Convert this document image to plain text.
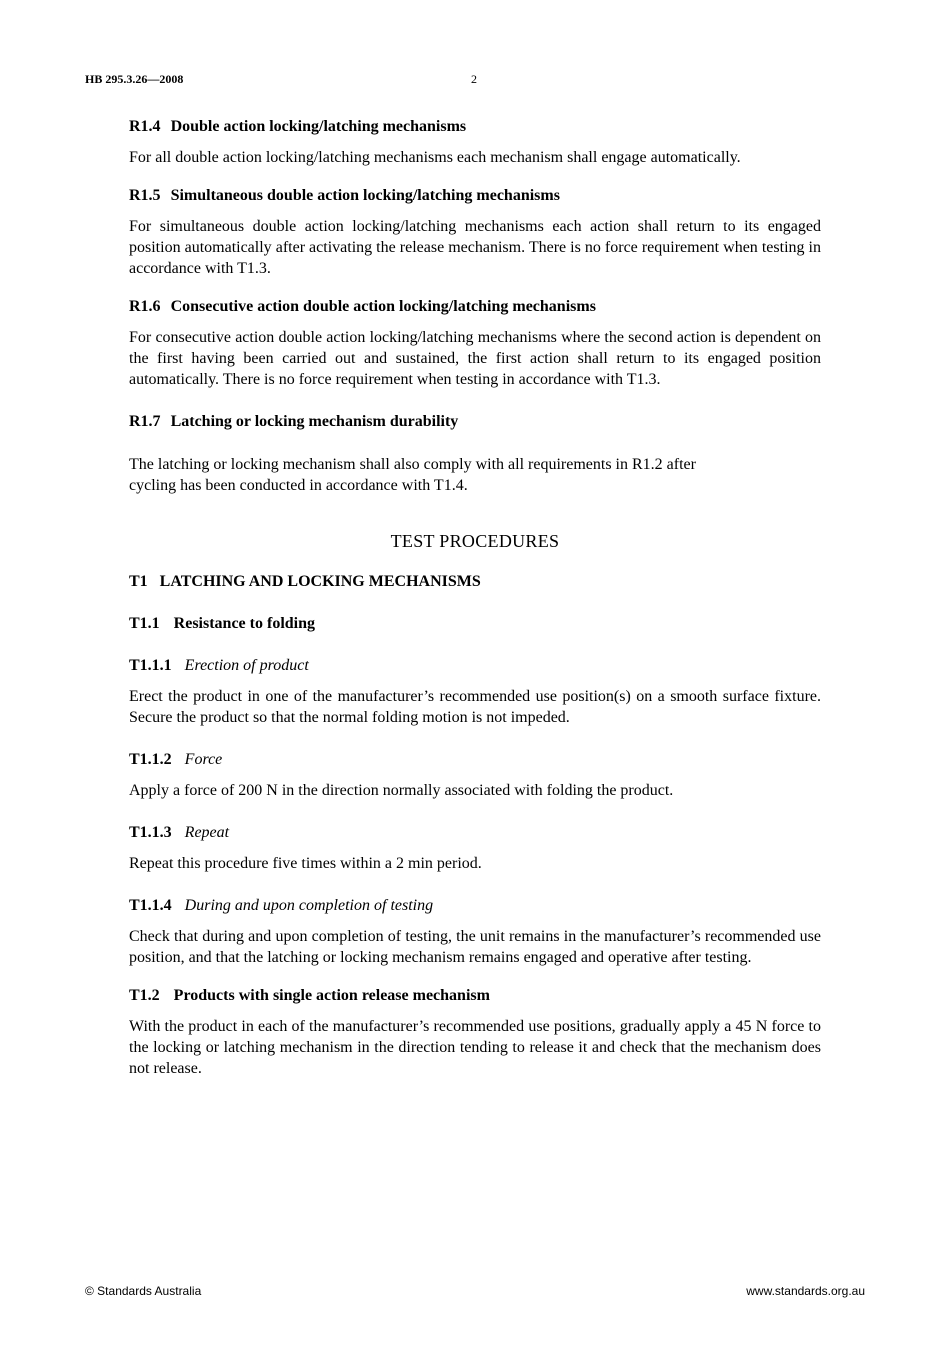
HB 295.3.26—2008	2
R1.4 Double action locking/latching mechanisms

For all double action locking/latching mechanisms each mechanism shall engage automatically.

R1.5 Simultaneous double action locking/latching mechanisms

For simultaneous double action locking/latching mechanisms each action shall return to its engaged position automatically after activating the release mechanism. There is no force requirement when testing in accordance with T1.3.

R1.6 Consecutive action double action locking/latching mechanisms

For consecutive action double action locking/latching mechanisms where the second action is dependent on the first having been carried out and sustained, the first action shall return to its engaged position automatically. There is no force requirement when testing in accordance with T1.3.

R1.7 Latching or locking mechanism durability

The latching or locking mechanism shall also comply with all requirements in R1.2 after
cycling has been conducted in accordance with T1.4.

TEST PROCEDURES
T1 LATCHING AND LOCKING MECHANISMS
T1.1 Resistance to folding
T1.1.1 Erection of product

Erect the product in one of the manufacturer’s recommended use position(s) on a smooth surface fixture. Secure the product so that the normal folding motion is not impeded.

T1.1.2 Force

Apply a force of 200 N in the direction normally associated with folding the product.

T1.1.3 Repeat

Repeat this procedure five times within a 2 min period.

T1.1.4 During and upon completion of testing

Check that during and upon completion of testing, the unit remains in the manufacturer’s recommended use position, and that the latching or locking mechanism remains engaged and operative after testing.

T1.2 Products with single action release mechanism

With the product in each of the manufacturer’s recommended use positions, gradually apply a 45 N force to the locking or latching mechanism in the direction tending to release it and check that the mechanism does not release.

© Standards Australia	www.standards.org.au
